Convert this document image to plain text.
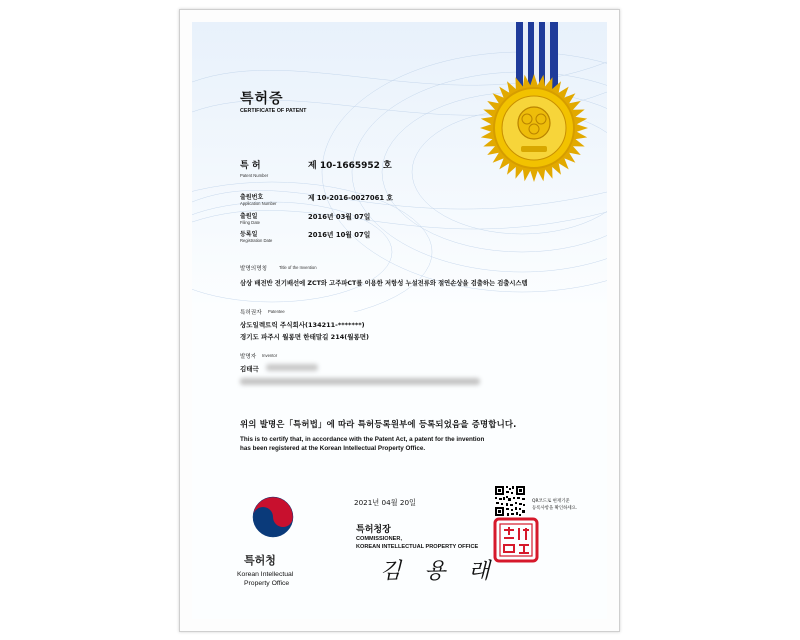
특허증
CERTIFICATE OF PATENT
특 허
Patent Number
제 10-1665952 호
출원번호
Application Number
제 10-2016-0027061 호
출원일
Filing Date
2016년 03월 07일
등록일
Registration Date
2016년 10월 07일
발명의명칭	Title of the Invention
삼상 배전반 전기배선에 ZCT와 고주파CT를 이용한 저항성 누설전류와 절연손상을 검출하는 검출시스템
특허권자 Patentee
상도일렉트릭 주식회사(134211-*******)
경기도 파주시 월롱면 한태말길 214(월롱면)
발명자 Inventor
김태극
위의 발명은「특허법」에 따라 특허등록원부에 등록되었음을 증명합니다.
This is to certify that, in accordance with the Patent Act, a patent for the invention
has been registered at the Korean Intellectual Property Office.
2021년 04월 20일	QR코드로 현재기준
등록사항을 확인하세요.
특허청장
COMMISSIONER,
KOREAN INTELLECTUAL PROPERTY OFFICE
김 용 래
특허청
Korean Intellectual
Property Office
